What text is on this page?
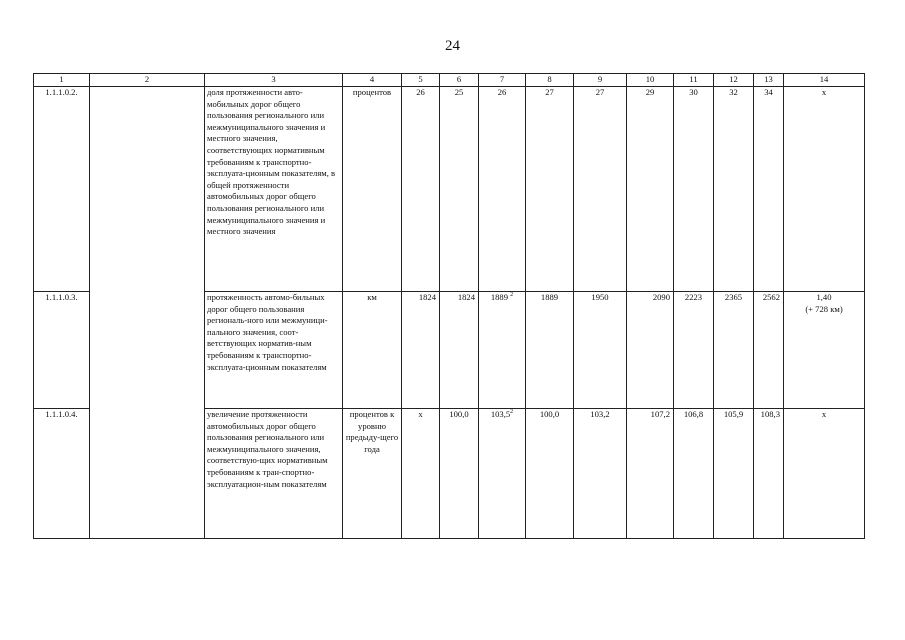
24
1	2	3	4	5	6	7	8	9	10	11	12	13	14
1.1.1.0.2.		доля протяженности авто-мобильных дорог общего пользования регионального или межмуниципального значения и местного значения, соответствующих нормативным требованиям к транспортно-эксплуата-ционным показателям, в общей протяженности автомобильных дорог общего пользования регионального или межмуниципального значения и местного значения	процентов	26	25	26	27	27	29	30	32	34	х

1.1.1.0.3.		протяженность автомо-бильных дорог общего пользования региональ-ного или межмуници-пального значения, соот-ветствующих норматив-ным требованиям к транспортно-эксплуата-ционным показателям	км	1824	1824	1889 $^2$	1889	1950	2090	2223	2365	2562	1,40
(+ 728 км)

1.1.1.0.4.		увеличение протяженности автомобильных дорог общего пользования регионального или межмуниципального значения, соответствую-щих нормативным требованиям к тран-спортно-эксплуатацион-ным показателям	процентов к уровню предыду-щего года	х	100,0	103,5$^2$	100,0	103,2	107,2	106,8	105,9	108,3	х
